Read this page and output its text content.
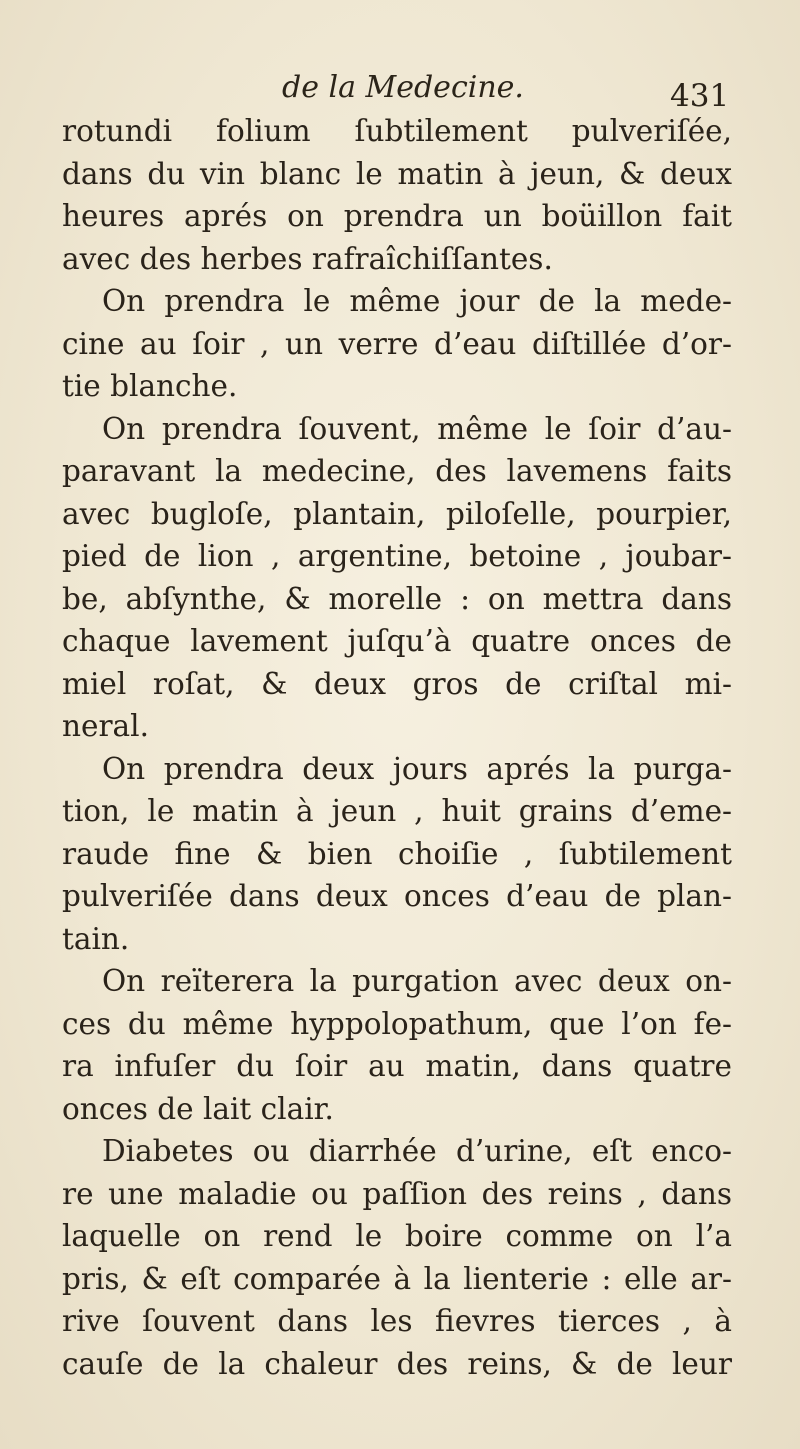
de la Medecine.	431
rotundi folium ſubtilement pulveriſée,
dans du vin blanc le matin à jeun, & deux
heures aprés on prendra un boüillon fait
avec des herbes rafraîchiſſantes.
On prendra le même jour de la mede-
cine au ſoir , un verre d’eau diſtillée d’or-
tie blanche.
On prendra ſouvent, même le ſoir d’au-
paravant la medecine, des lavemens faits
avec bugloſe, plantain, piloſelle, pourpier,
pied de lion , argentine, betoine , joubar-
be, abſynthe, & morelle : on mettra dans
chaque lavement juſqu’à quatre onces de
miel roſat, & deux gros de criſtal mi-
neral.
On prendra deux jours aprés la purga-
tion, le matin à jeun , huit grains d’eme-
raude fine & bien choiſie , ſubtilement
pulveriſée dans deux onces d’eau de plan-
tain.
On reïterera la purgation avec deux on-
ces du même hyppolopathum, que l’on fe-
ra infuſer du ſoir au matin, dans quatre
onces de lait clair.
Diabetes ou diarrhée d’urine, eſt enco-
re une maladie ou paſſion des reins , dans
laquelle on rend le boire comme on l’a
pris, & eſt comparée à la lienterie : elle ar-
rive ſouvent dans les fievres tierces , à
cauſe de la chaleur des reins, & de leur
